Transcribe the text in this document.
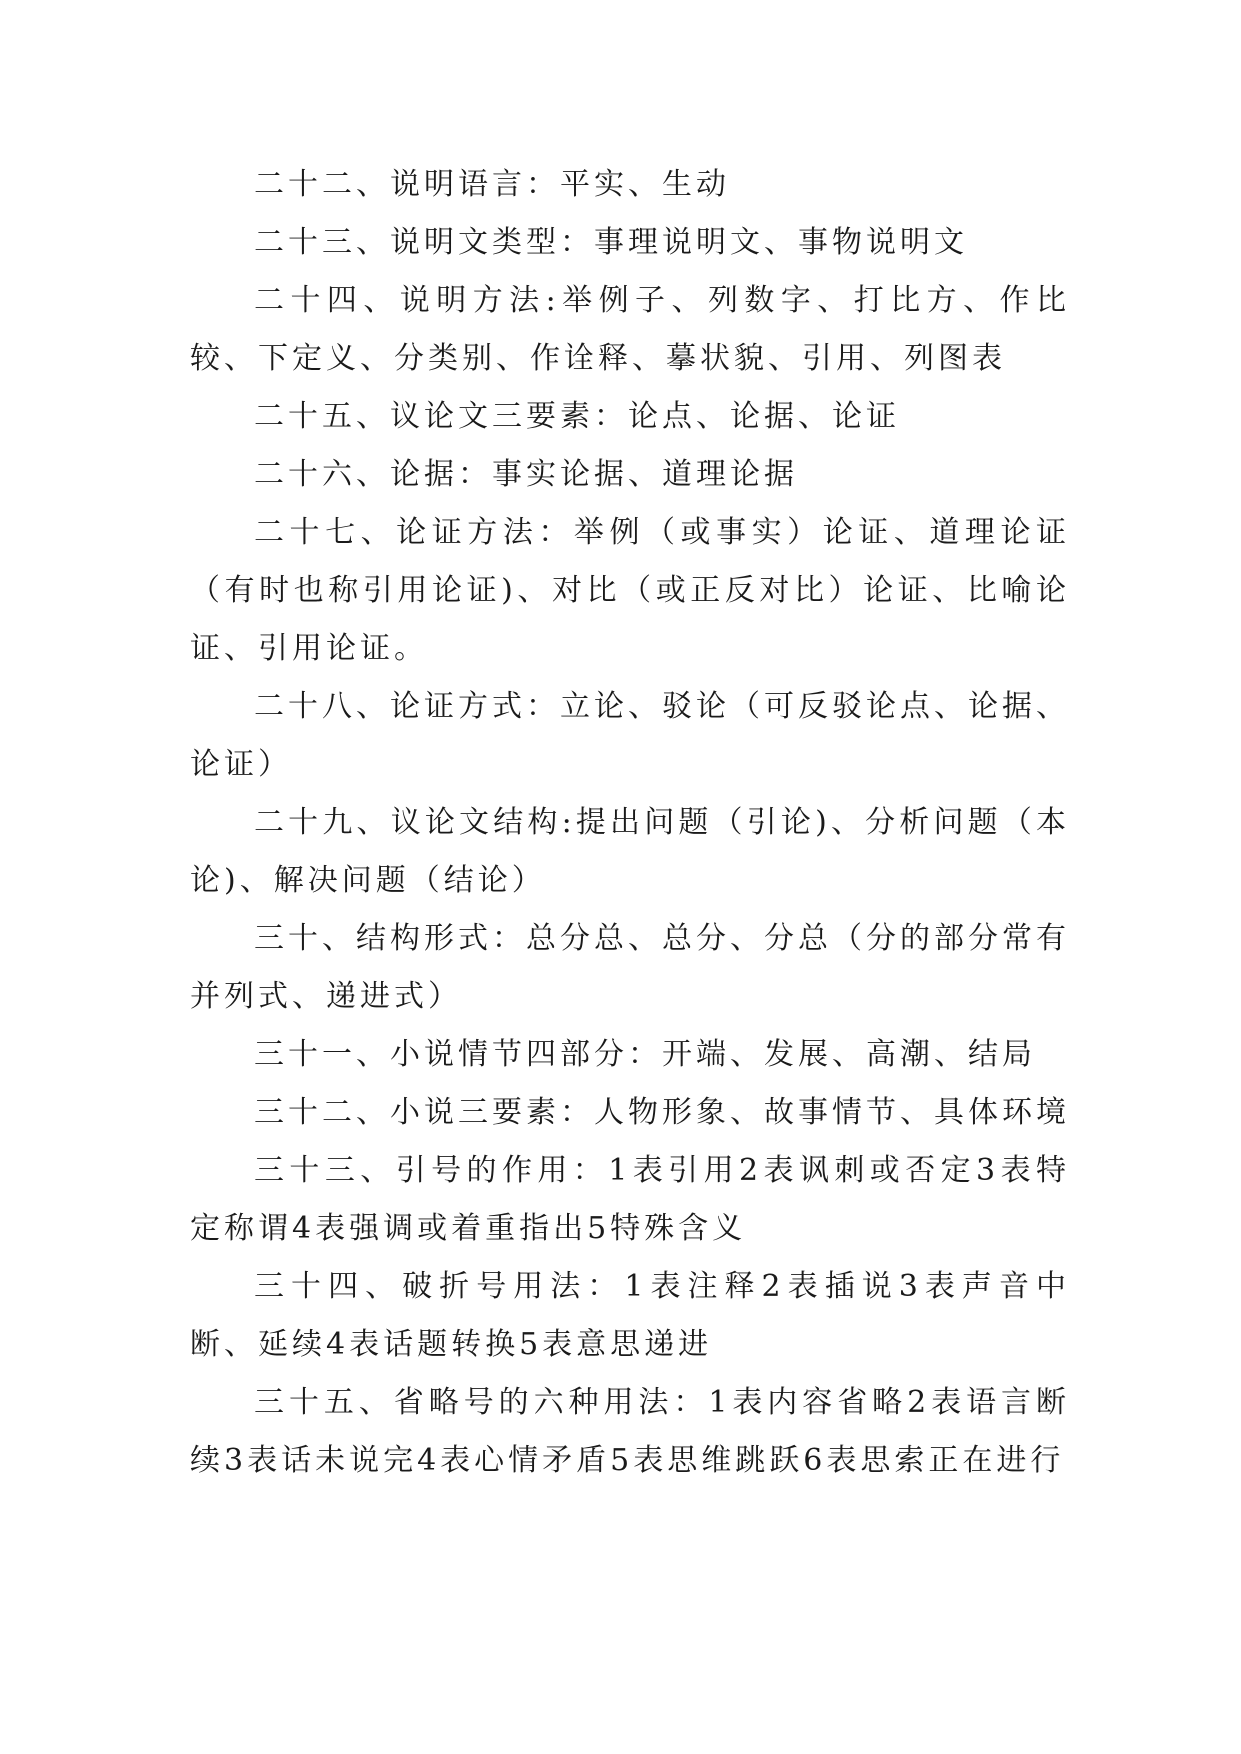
二十二、说明语言：平实、生动

二十三、说明文类型：事理说明文、事物说明文

二十四、说明方法:举例子、列数字、打比方、作比较、下定义、分类别、作诠释、摹状貌、引用、列图表

二十五、议论文三要素：论点、论据、论证

二十六、论据：事实论据、道理论据

二十七、论证方法：举例（或事实）论证、道理论证（有时也称引用论证)、对比（或正反对比）论证、比喻论证、引用论证。

二十八、论证方式：立论、驳论（可反驳论点、论据、论证）

二十九、议论文结构:提出问题（引论)、分析问题（本论)、解决问题（结论）

三十、结构形式：总分总、总分、分总（分的部分常有并列式、递进式）

三十一、小说情节四部分：开端、发展、高潮、结局

三十二、小说三要素：人物形象、故事情节、具体环境

三十三、引号的作用：1表引用2表讽刺或否定3表特定称谓4表强调或着重指出5特殊含义

三十四、破折号用法：1表注释2表插说3表声音中断、延续4表话题转换5表意思递进

三十五、省略号的六种用法：1表内容省略2表语言断续3表话未说完4表心情矛盾5表思维跳跃6表思索正在进行
